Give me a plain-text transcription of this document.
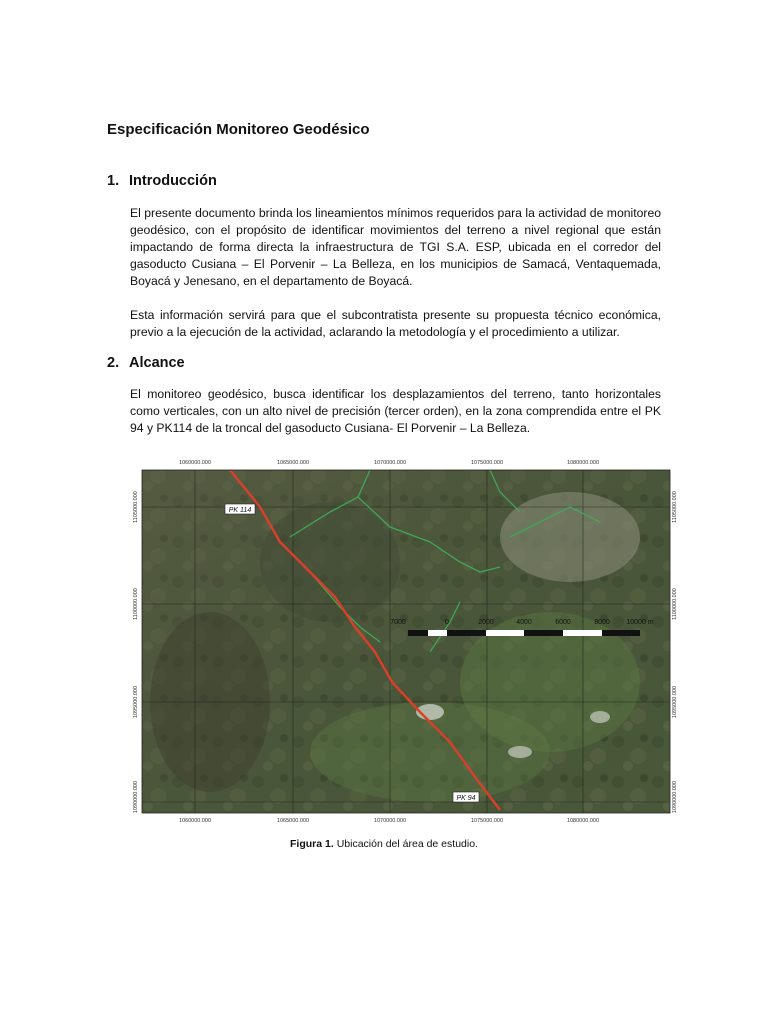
Especificación Monitoreo Geodésico
1. Introducción

El presente documento brinda los lineamientos mínimos requeridos para la actividad de monitoreo geodésico, con el propósito de identificar movimientos del terreno a nivel regional que están impactando de forma directa la infraestructura de TGI S.A. ESP, ubicada en el corredor del gasoducto Cusiana – El Porvenir – La Belleza, en los municipios de Samacá, Ventaquemada, Boyacá y Jenesano, en el departamento de Boyacá.

Esta información servirá para que el subcontratista presente su propuesta técnico económica, previo a la ejecución de la actividad, aclarando la metodología y el procedimiento a utilizar.

2. Alcance

El monitoreo geodésico, busca identificar los desplazamientos del terreno, tanto horizontales como verticales, con un alto nivel de precisión (tercer orden), en la zona comprendida entre el PK 94 y PK114 de la troncal del gasoducto Cusiana- El Porvenir – La Belleza.

PK 114
PK 94
7000	0	2000	4000	6000	8000 10000 m
1060000.000	1065000.000	1070000.000	1075000.000	1080000.000
1060000.000	1065000.000	1070000.000	1075000.000	1080000.000
1105000.000
1100000.000
1095000.000
1090000.000
1105000.000
1100000.000
1095000.000
1090000.000
Figura 1. Ubicación del área de estudio.
